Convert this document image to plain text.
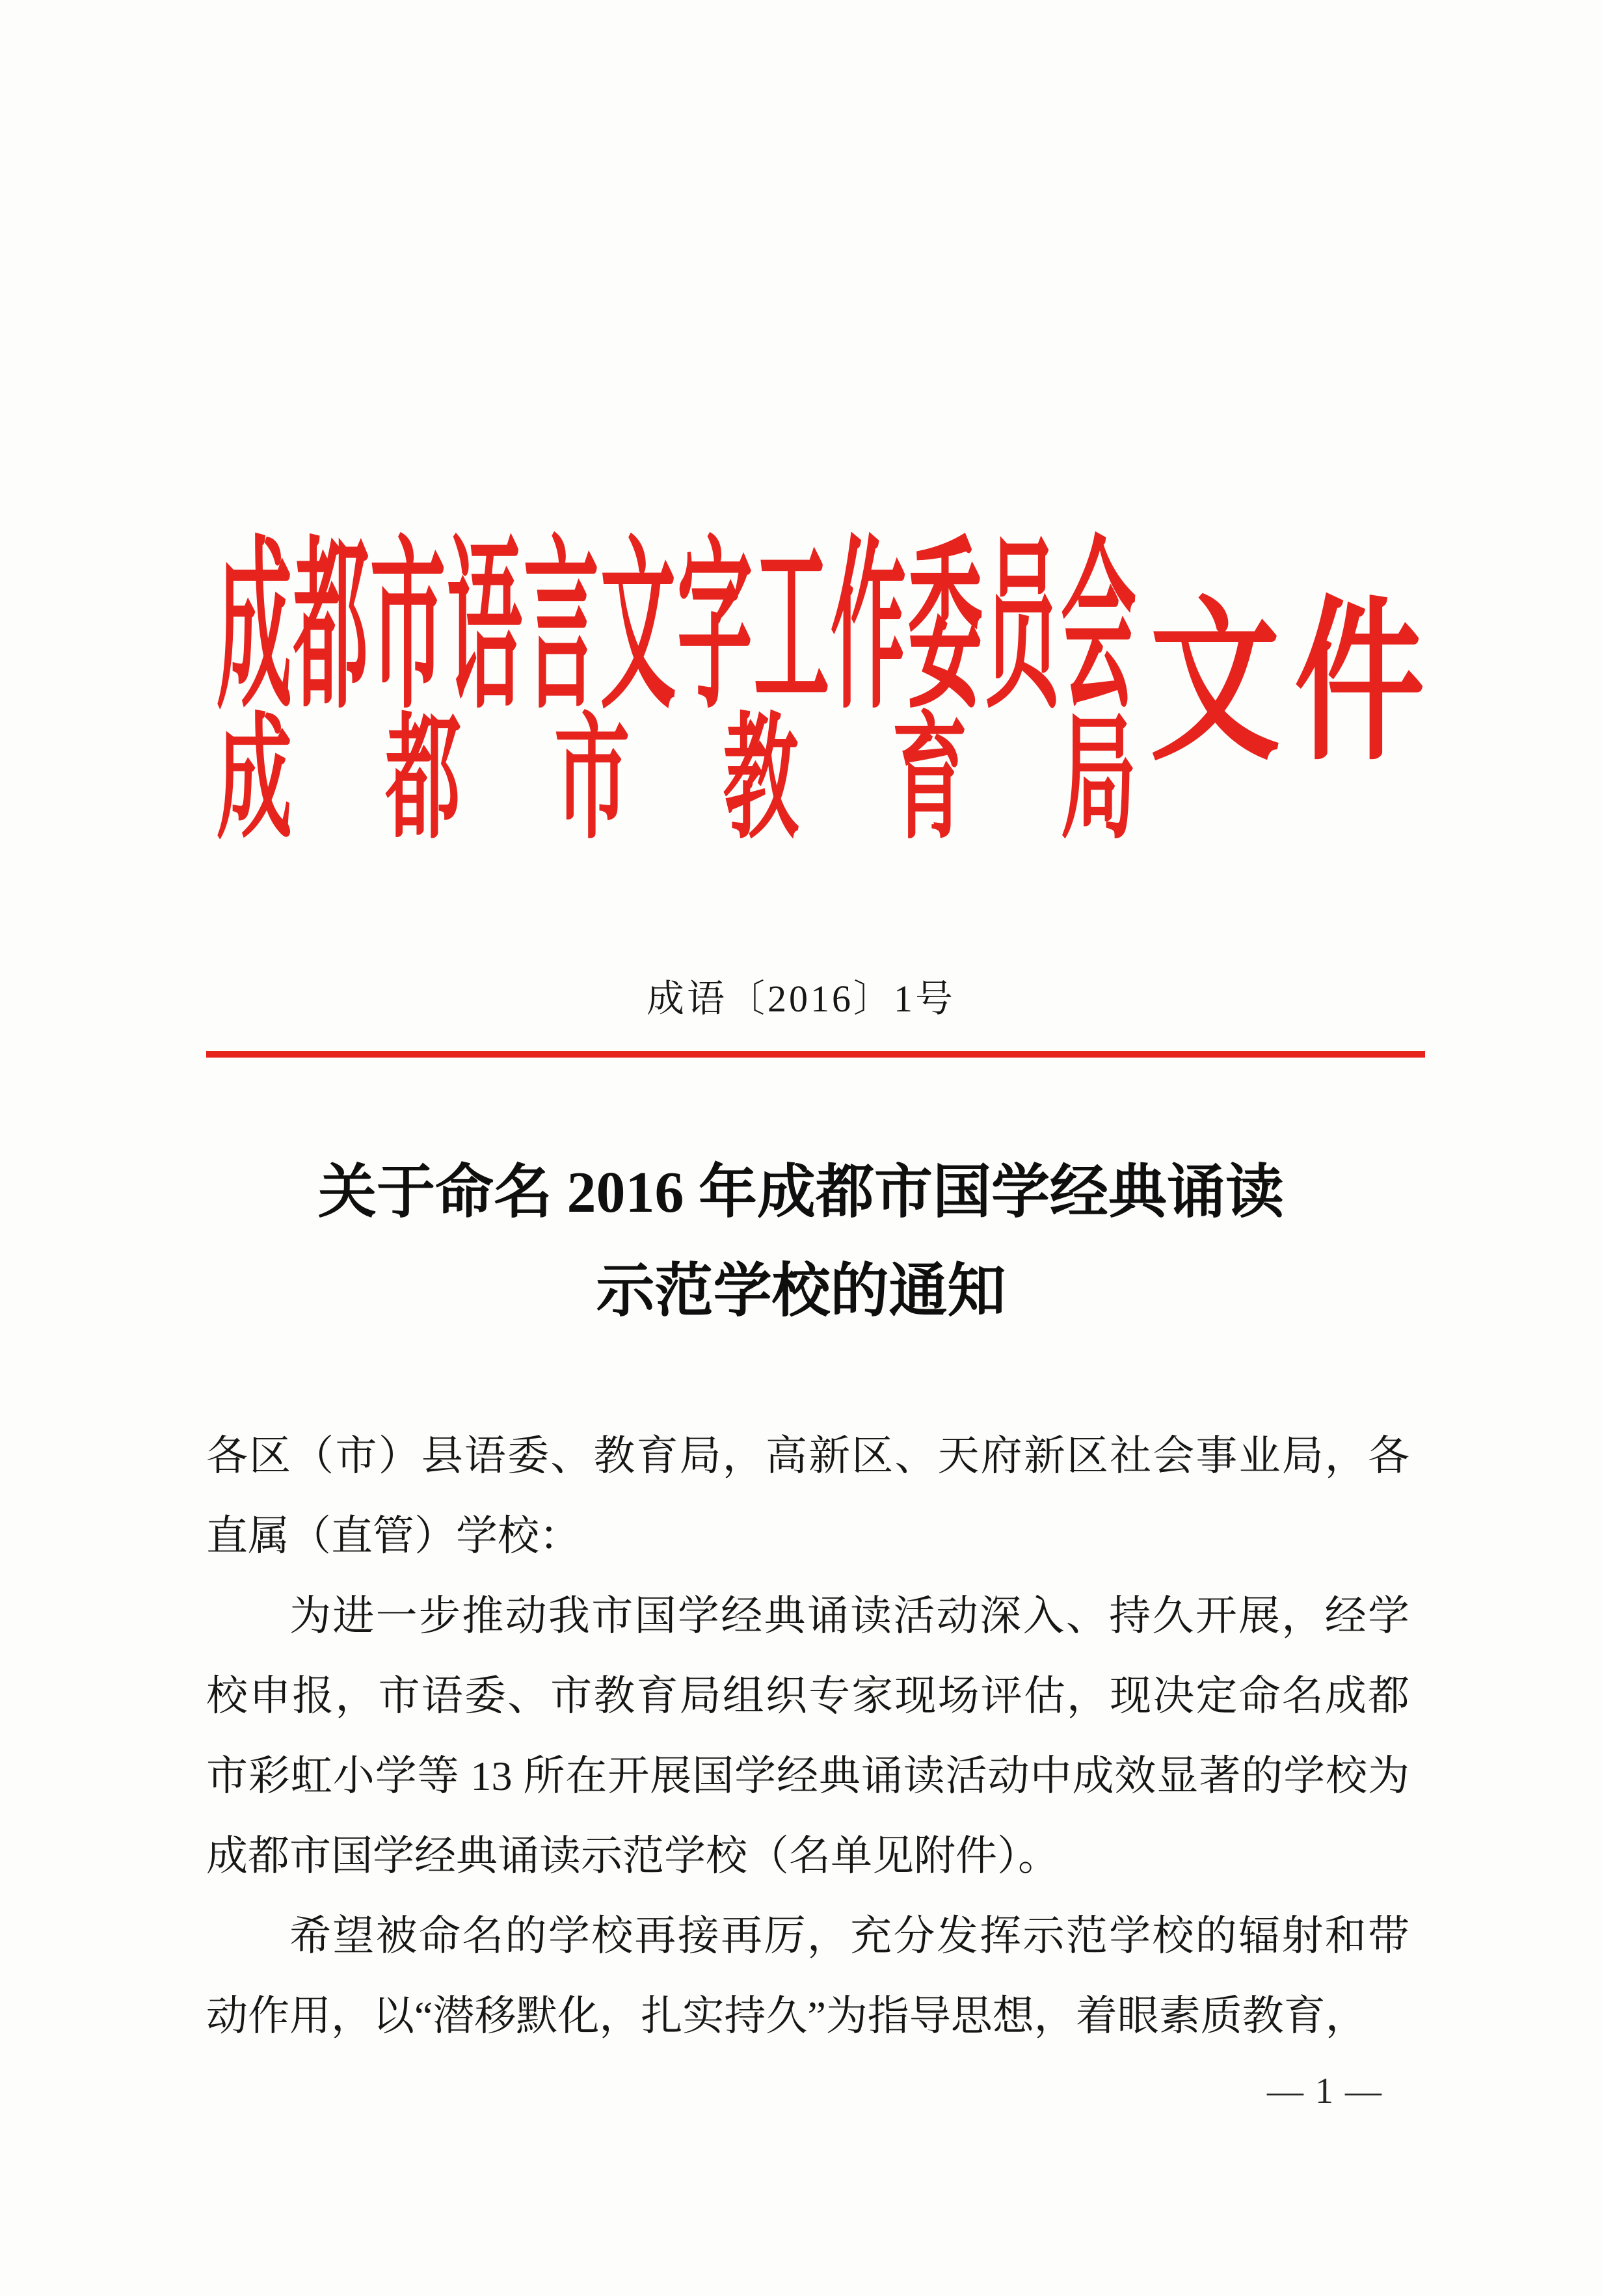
成 都 市 语 言 文 字 工 作 委 员 会
成 都 市 教 育 局 文 件
成语〔2016〕1号
关于命名 2016 年成都市国学经典诵读
示范学校的通知

各区（市）县语委、教育局，高新区、天府新区社会事业局，各直属（直管）学校：

为进一步推动我市国学经典诵读活动深入、持久开展，经学校申报，市语委、市教育局组织专家现场评估，现决定命名成都市彩虹小学等 13 所在开展国学经典诵读活动中成效显著的学校为成都市国学经典诵读示范学校（名单见附件）。

希望被命名的学校再接再厉，充分发挥示范学校的辐射和带动作用，以“潜移默化，扎实持久”为指导思想，着眼素质教育，

— 1 —
